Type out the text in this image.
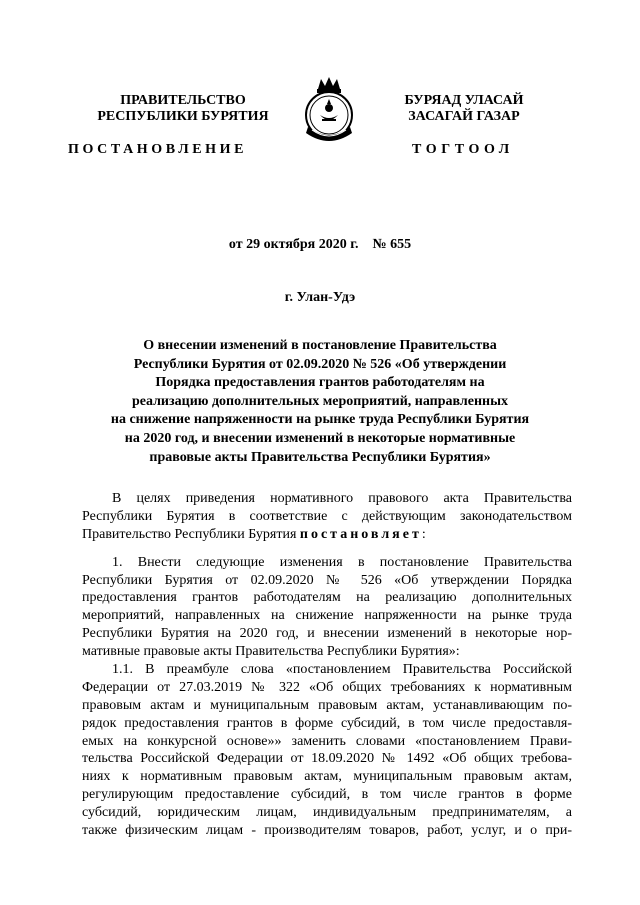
ПРАВИТЕЛЬСТВО
РЕСПУБЛИКИ БУРЯТИЯ
БУРЯАД УЛАСАЙ
ЗАСАГАЙ ГАЗАР
ПОСТАНОВЛЕНИЕ	ТОГТООЛ
от 29 октября 2020 г.    № 655
г. Улан-Удэ
О внесении изменений в постановление Правительства
Республики Бурятия от 02.09.2020 № 526 «Об утверждении
Порядка предоставления грантов работодателям на
реализацию дополнительных мероприятий, направленных
на снижение напряженности на рынке труда Республики Бурятия
на 2020 год, и внесении изменений в некоторые нормативные
правовые акты Правительства Республики Бурятия»
В целях приведения нормативного правового акта Правительства
Республики Бурятия в соответствие с действующим законодательством
Правительство Республики Бурятия постановляет:
1. Внести следующие изменения в постановление Правительства
Республики Бурятия от 02.09.2020 № 526 «Об утверждении Порядка
предоставления грантов работодателям на реализацию дополнительных
мероприятий, направленных на снижение напряженности на рынке труда
Республики Бурятия на 2020 год, и внесении изменений в некоторые нор-
мативные правовые акты Правительства Республики Бурятия»:
1.1. В преамбуле слова «постановлением Правительства Российской
Федерации от 27.03.2019 № 322 «Об общих требованиях к нормативным
правовым актам и муниципальным правовым актам, устанавливающим по-
рядок предоставления грантов в форме субсидий, в том числе предоставля-
емых на конкурсной основе»» заменить словами «постановлением Прави-
тельства Российской Федерации от 18.09.2020 № 1492 «Об общих требова-
ниях к нормативным правовым актам, муниципальным правовым актам,
регулирующим предоставление субсидий, в том числе грантов в форме
субсидий, юридическим лицам, индивидуальным предпринимателям, а
также физическим лицам - производителям товаров, работ, услуг, и о при-
